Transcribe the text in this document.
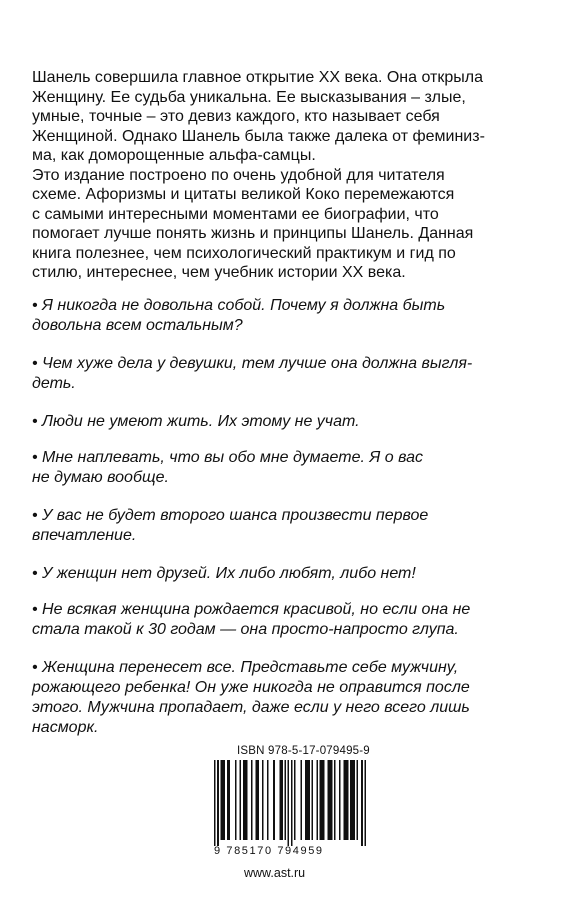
Шанель совершила главное открытие XX века. Она открыла
Женщину. Ее судьба уникальна. Ее высказывания – злые,
умные, точные – это девиз каждого, кто называет себя
Женщиной. Однако Шанель была также далека от феминиз-
ма, как доморощенные альфа-самцы.
Это издание построено по очень удобной для читателя
схеме. Афоризмы и цитаты великой Коко перемежаются
с самыми интересными моментами ее биографии, что
помогает лучше понять жизнь и принципы Шанель. Данная
книга полезнее, чем психологический практикум и гид по
стилю, интереснее, чем учебник истории XX века.
• Я никогда не довольна собой. Почему я должна быть
довольна всем остальным?
• Чем хуже дела у девушки, тем лучше она должна выгля-
деть.
• Люди не умеют жить. Их этому не учат.
• Мне наплевать, что вы обо мне думаете. Я о вас
не думаю вообще.
• У вас не будет второго шанса произвести первое
впечатление.
• У женщин нет друзей. Их либо любят, либо нет!
• Не всякая женщина рождается красивой, но если она не
стала такой к 30 годам — она просто-напросто глупа.
• Женщина перенесет все. Представьте себе мужчину,
рожающего ребенка! Он уже никогда не оправится после
этого. Мужчина пропадает, даже если у него всего лишь
насморк.
ISBN 978-5-17-079495-9
9 785170 794959
www.ast.ru
